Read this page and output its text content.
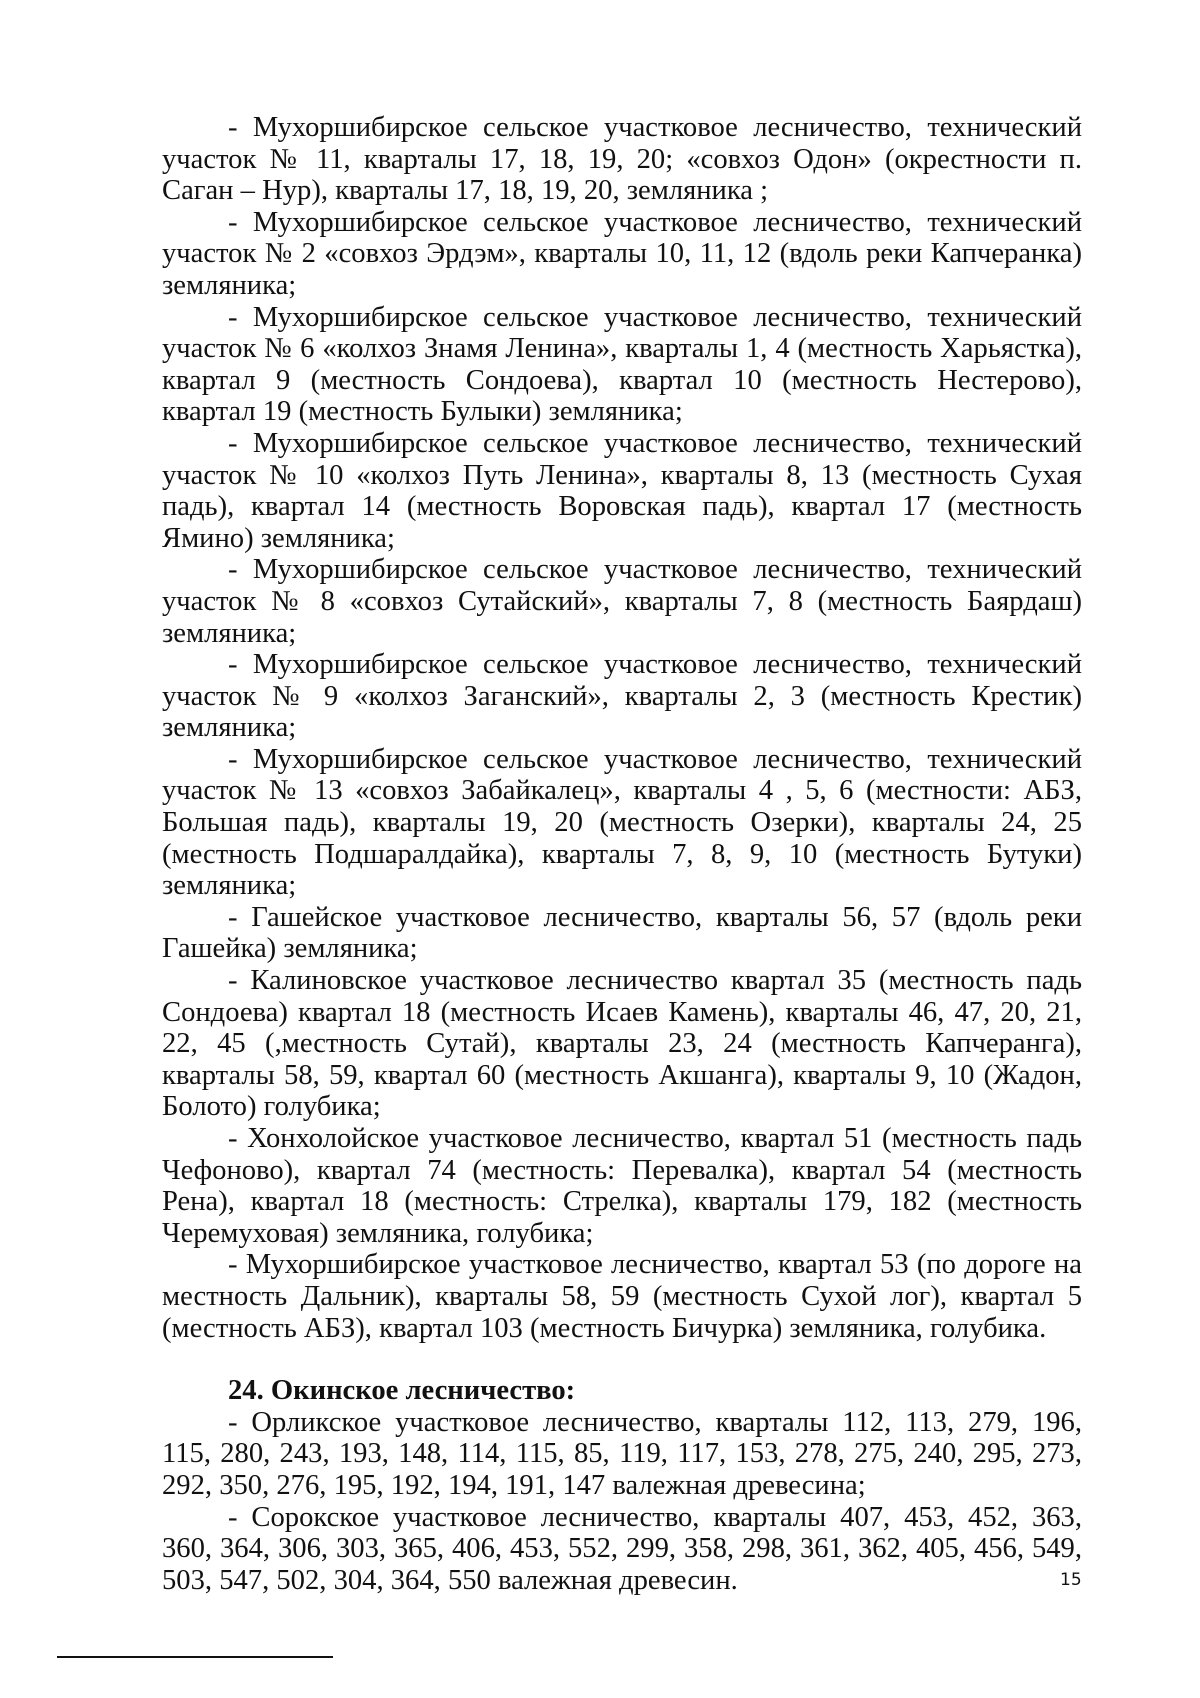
- Мухоршибирское сельское участковое лесничество, технический участок № 11, кварталы 17, 18, 19, 20; «совхоз Одон» (окрестности п. Саган – Нур), кварталы 17, 18, 19, 20, земляника ;

- Мухоршибирское сельское участковое лесничество, технический участок № 2 «совхоз Эрдэм», кварталы 10, 11, 12 (вдоль реки Капчеранка) земляника;

- Мухоршибирское сельское участковое лесничество, технический участок № 6 «колхоз Знамя Ленина», кварталы 1, 4 (местность Харьястка), квартал 9 (местность Сондоева), квартал 10 (местность Нестерово), квартал 19 (местность Булыки) земляника;

- Мухоршибирское сельское участковое лесничество, технический участок № 10 «колхоз Путь Ленина», кварталы 8, 13 (местность Сухая падь), квартал 14 (местность Воровская падь), квартал 17 (местность Ямино) земляника;

- Мухоршибирское сельское участковое лесничество, технический участок № 8 «совхоз Сутайский», кварталы 7, 8 (местность Баярдаш) земляника;

- Мухоршибирское сельское участковое лесничество, технический участок № 9 «колхоз Заганский», кварталы 2, 3 (местность Крестик) земляника;

- Мухоршибирское сельское участковое лесничество, технический участок № 13 «совхоз Забайкалец», кварталы 4 , 5, 6 (местности: АБЗ, Большая падь), кварталы 19, 20 (местность Озерки), кварталы 24, 25 (местность Подшаралдайка), кварталы 7, 8, 9, 10 (местность Бутуки) земляника;

- Гашейское участковое лесничество, кварталы 56, 57 (вдоль реки Гашейка) земляника;

- Калиновское участковое лесничество квартал 35 (местность падь Сондоева) квартал 18 (местность Исаев Камень), кварталы 46, 47, 20, 21, 22, 45 (,местность Сутай), кварталы 23, 24 (местность Капчеранга), кварталы 58, 59, квартал 60 (местность Акшанга), кварталы 9, 10 (Жадон, Болото) голубика;

- Хонхолойское участковое лесничество, квартал 51 (местность падь Чефоново), квартал 74 (местность: Перевалка), квартал 54 (местность Рена), квартал 18 (местность: Стрелка), кварталы 179, 182 (местность Черемуховая) земляника, голубика;

- Мухоршибирское участковое лесничество, квартал 53 (по дороге на местность Дальник), кварталы 58, 59 (местность Сухой лог), квартал 5 (местность АБЗ), квартал 103 (местность Бичурка) земляника, голубика.

24. Окинское лесничество:

- Орликское участковое лесничество, кварталы 112, 113, 279, 196, 115, 280, 243, 193, 148, 114, 115, 85, 119, 117, 153, 278, 275, 240, 295, 273, 292, 350, 276, 195, 192, 194, 191, 147 валежная древесина;

- Сорокское участковое лесничество, кварталы 407, 453, 452, 363, 360, 364, 306, 303, 365, 406, 453, 552, 299, 358, 298, 361, 362, 405, 456, 549, 503, 547, 502, 304, 364, 550 валежная древесин.	15
